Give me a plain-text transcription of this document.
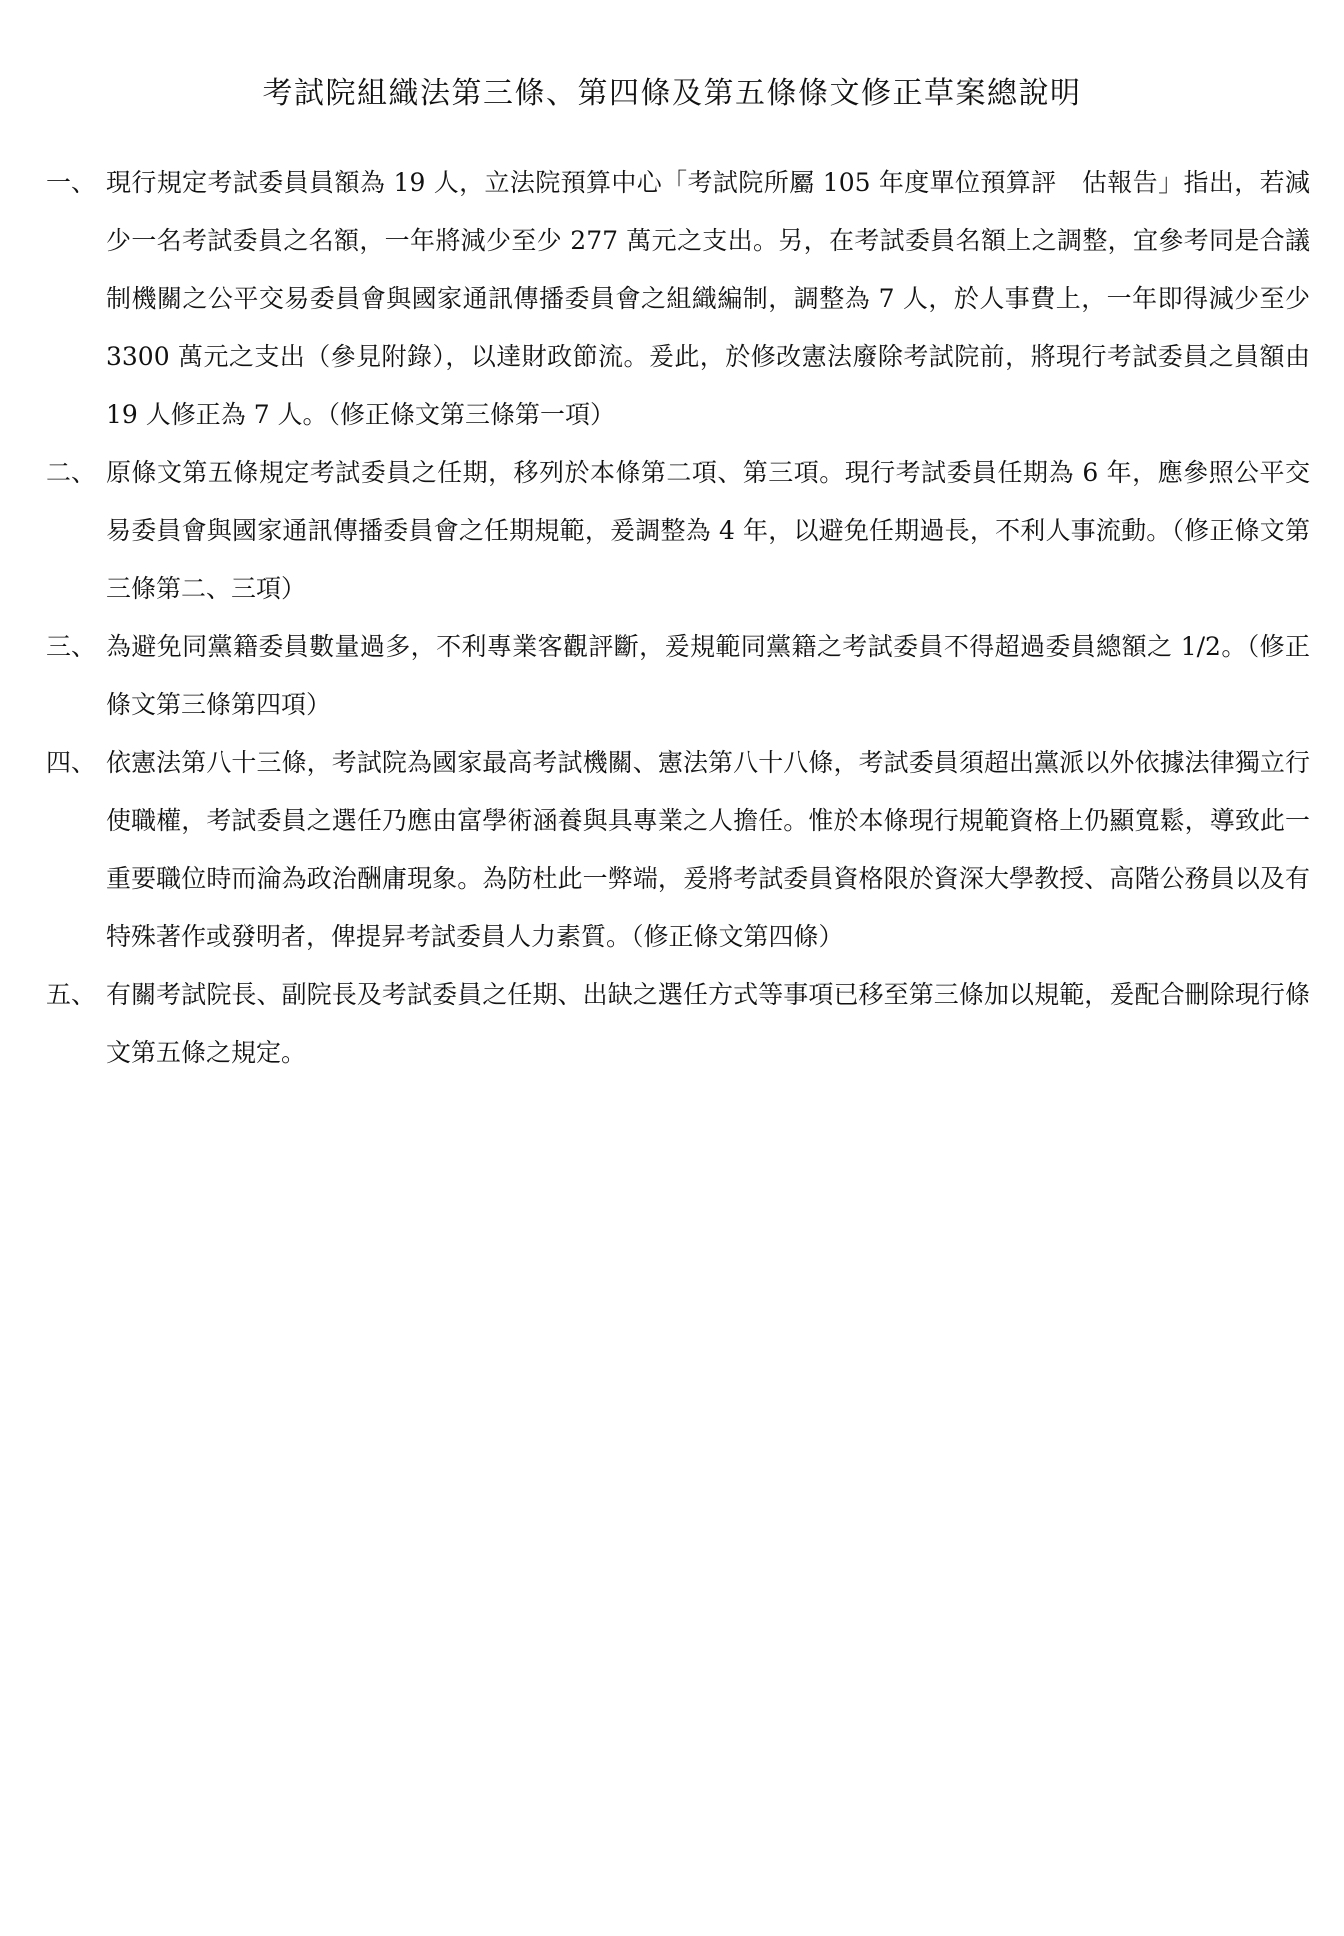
考試院組織法第三條、第四條及第五條條文修正草案總說明
一、 現行規定考試委員員額為 19 人，立法院預算中心「考試院所屬 105 年度單位預算評　估報告」指出，若減少一名考試委員之名額，一年將減少至少 277 萬元之支出。另，在考試委員名額上之調整，宜參考同是合議制機關之公平交易委員會與國家通訊傳播委員會之組織編制，調整為 7 人，於人事費上，一年即得減少至少 3300 萬元之支出（參見附錄），以達財政節流。爰此，於修改憲法廢除考試院前，將現行考試委員之員額由 19 人修正為 7 人。（修正條文第三條第一項）
二、 原條文第五條規定考試委員之任期，移列於本條第二項、第三項。現行考試委員任期為 6 年，應參照公平交易委員會與國家通訊傳播委員會之任期規範，爰調整為 4 年，以避免任期過長，不利人事流動。（修正條文第三條第二、三項）
三、 為避免同黨籍委員數量過多，不利專業客觀評斷，爰規範同黨籍之考試委員不得超過委員總額之 1/2。（修正條文第三條第四項）
四、 依憲法第八十三條，考試院為國家最高考試機關、憲法第八十八條，考試委員須超出黨派以外依據法律獨立行使職權，考試委員之選任乃應由富學術涵養與具專業之人擔任。惟於本條現行規範資格上仍顯寬鬆，導致此一重要職位時而淪為政治酬庸現象。為防杜此一弊端，爰將考試委員資格限於資深大學教授、高階公務員以及有特殊著作或發明者，俾提昇考試委員人力素質。（修正條文第四條）
五、 有關考試院長、副院長及考試委員之任期、出缺之選任方式等事項已移至第三條加以規範，爰配合刪除現行條文第五條之規定。
